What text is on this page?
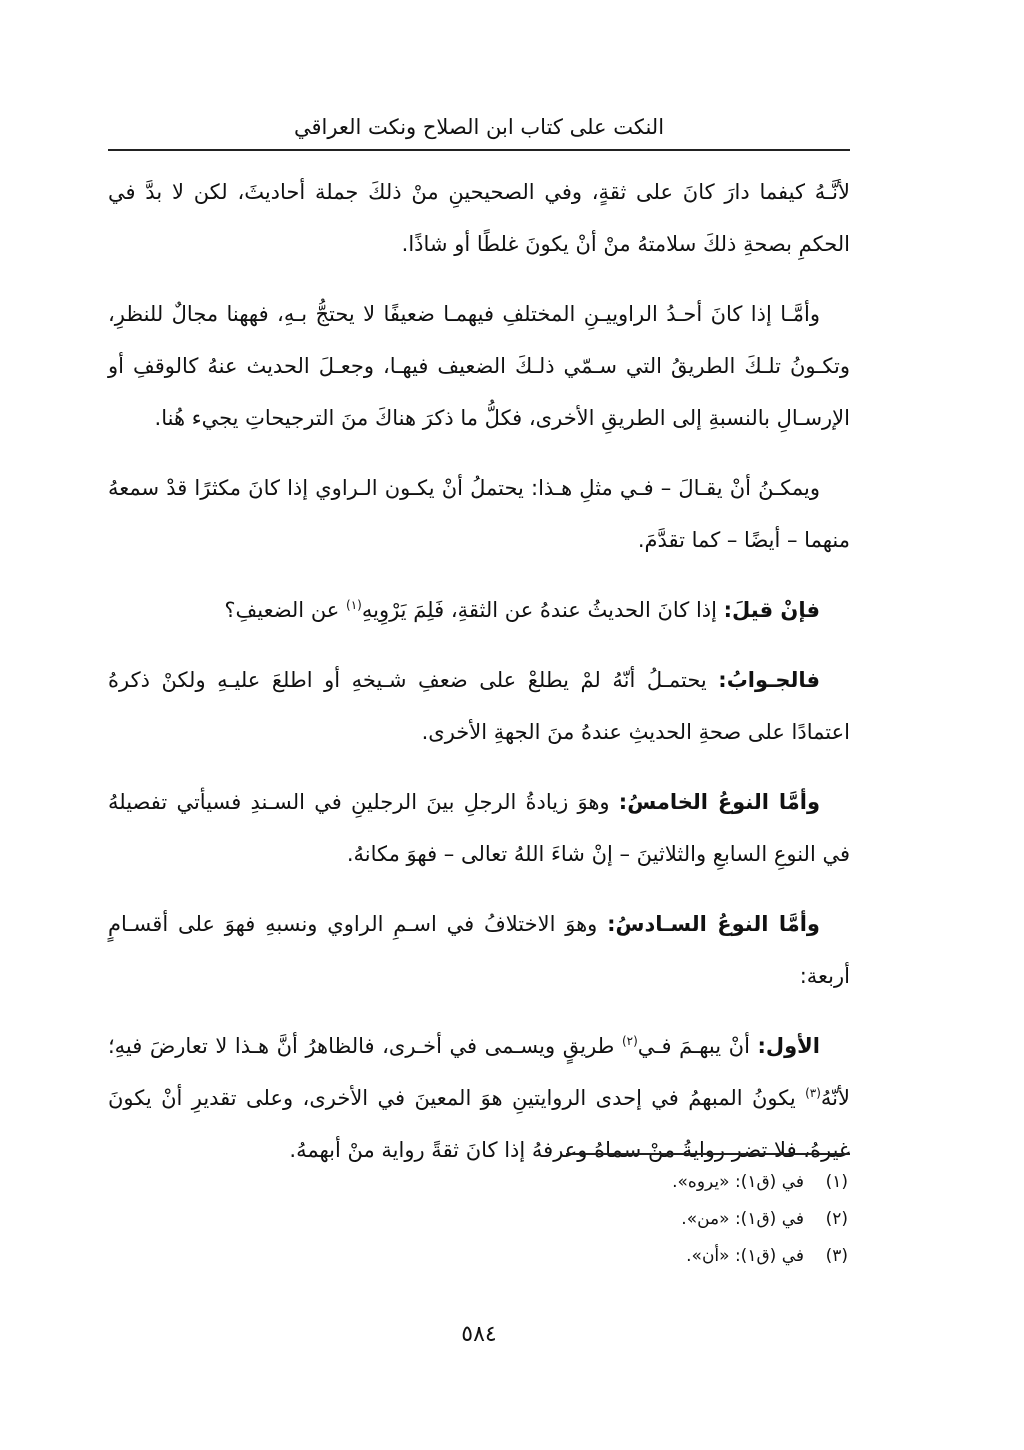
النكت على كتاب ابن الصلاح ونكت العراقي

لأنَّـهُ كيفما دارَ كانَ على ثقةٍ، وفي الصحيحينِ منْ ذلكَ جملة أحاديثَ، لكن لا بدَّ في الحكمِ بصحةِ ذلكَ سلامتهُ منْ أنْ يكونَ غلطًا أو شاذًا.

وأمَّـا إذا كانَ أحـدُ الراوييـنِ المختلفِ فيهمـا ضعيفًا لا يحتجُّ بـهِ، فههنا مجالٌ للنظرِ، وتكـونُ تلـكَ الطريقُ التي سـمّي ذلـكَ الضعيف فيهـا، وجعـلَ الحديث عنهُ كالوقفِ أو الإرسـالِ بالنسبةِ إلى الطريقِ الأخرى، فكلُّ ما ذكرَ هناكَ منَ الترجيحاتِ يجيء هُنا.

ويمكـنُ أنْ يقـالَ – فـي مثلِ هـذا: يحتملُ أنْ يكـون الـراوي إذا كانَ مكثرًا قدْ سمعهُ منهما – أيضًا – كما تقدَّمَ.

فإنْ قيلَ: إذا كانَ الحديثُ عندهُ عن الثقةِ، فَلِمَ يَرْوِيهِ$^{(١)}$ عن الضعيفِ؟

فالجـوابُ: يحتمـلُ أنّهُ لمْ يطلعْ على ضعفِ شـيخهِ أو اطلعَ عليـهِ ولكنْ ذكرهُ اعتمادًا على صحةِ الحديثِ عندهُ منَ الجهةِ الأخرى.

وأمَّا النوعُ الخامسُ: وهوَ زيادةُ الرجلِ بينَ الرجلينِ في السـندِ فسيأتي تفصيلهُ في النوعِ السابعِ والثلاثينَ – إنْ شاءَ اللهُ تعالى – فهوَ مكانهُ.

وأمَّا النوعُ السـادسُ: وهوَ الاختلافُ في اسـمِ الراوي ونسبهِ فهوَ على أقسـامٍ أربعة:

الأول: أنْ يبهـمَ فـي$^{(٢)}$ طريقٍ ويسـمى في أخـرى، فالظاهرُ أنَّ هـذا لا تعارضَ فيهِ؛ لأنّهُ$^{(٣)}$ يكونُ المبهمُ في إحدى الروايتينِ هوَ المعينَ في الأخرى، وعلى تقديرِ أنْ يكونَ غيرهُ، فلا تضر روايةُ منْ سماهُ وعرفهُ إذا كانَ ثقةً رواية منْ أبهمهُ.

(١)في (ق١): «يروه».
(٢)في (ق١): «من».
(٣)في (ق١): «أن».
٥٨٤
